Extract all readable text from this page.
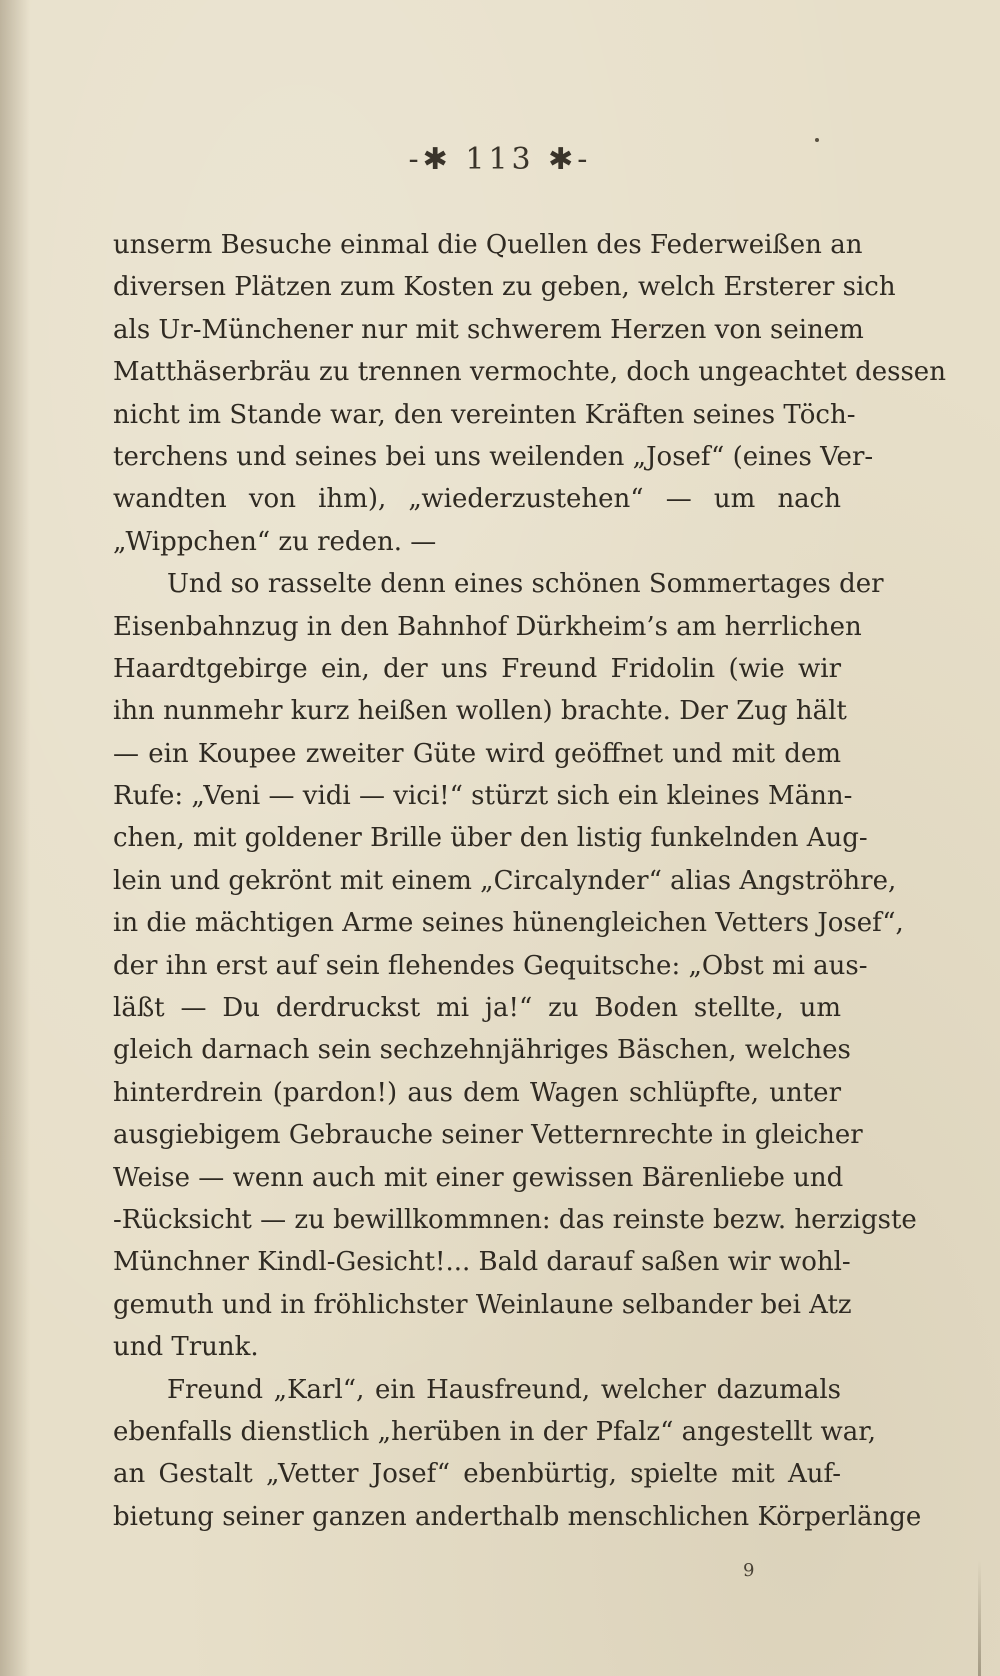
-✱ 113 ✱-
unserm Besuche einmal die Quellen des Federweißen an
diversen Plätzen zum Kosten zu geben, welch Ersterer sich
als Ur-Münchener nur mit schwerem Herzen von seinem
Matthäserbräu zu trennen vermochte, doch ungeachtet dessen
nicht im Stande war, den vereinten Kräften seines Töch-
terchens und seines bei uns weilenden „Josef“ (eines Ver-
wandten von ihm), „wiederzustehen“ — um nach
„Wippchen“ zu reden. —
Und so rasselte denn eines schönen Sommertages der
Eisenbahnzug in den Bahnhof Dürkheim’s am herrlichen
Haardtgebirge ein, der uns Freund Fridolin (wie wir
ihn nunmehr kurz heißen wollen) brachte. Der Zug hält
— ein Koupee zweiter Güte wird geöffnet und mit dem
Rufe: „Veni — vidi — vici!“ stürzt sich ein kleines Männ-
chen, mit goldener Brille über den listig funkelnden Aug-
lein und gekrönt mit einem „Circalynder“ alias Angströhre,
in die mächtigen Arme seines hünengleichen Vetters Josef“,
der ihn erst auf sein flehendes Gequitsche: „Obst mi aus-
läßt — Du derdruckst mi ja!“ zu Boden stellte, um
gleich darnach sein sechzehnjähriges Bäschen, welches
hinterdrein (pardon!) aus dem Wagen schlüpfte, unter
ausgiebigem Gebrauche seiner Vetternrechte in gleicher
Weise — wenn auch mit einer gewissen Bärenliebe und
-Rücksicht — zu bewillkommnen: das reinste bezw. herzigste
Münchner Kindl-Gesicht!... Bald darauf saßen wir wohl-
gemuth und in fröhlichster Weinlaune selbander bei Atz
und Trunk.
Freund „Karl“, ein Hausfreund, welcher dazumals
ebenfalls dienstlich „herüben in der Pfalz“ angestellt war,
an Gestalt „Vetter Josef“ ebenbürtig, spielte mit Auf-
bietung seiner ganzen anderthalb menschlichen Körperlänge
9
